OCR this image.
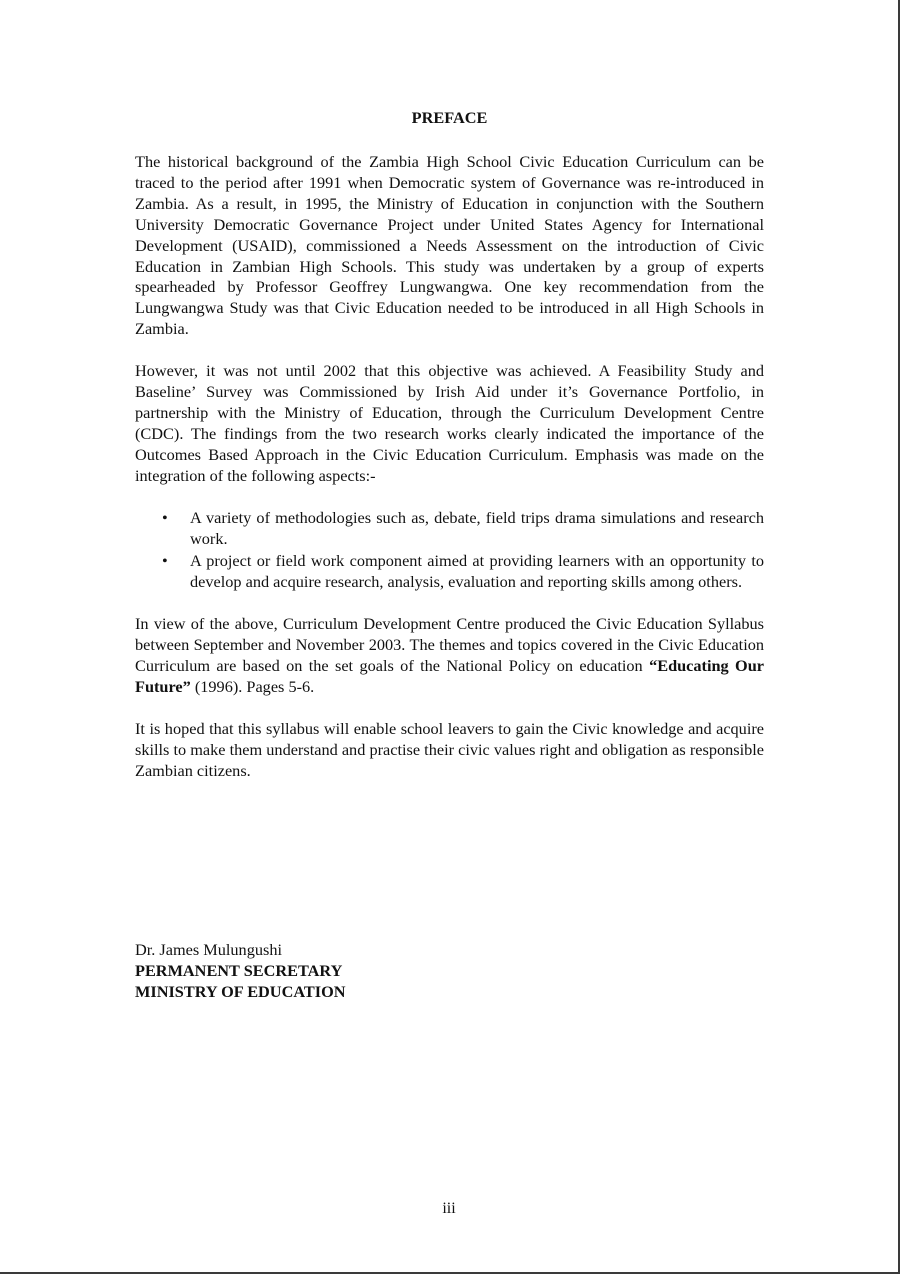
PREFACE

The historical background of the Zambia High School Civic Education Curriculum can be traced to the period after 1991 when Democratic system of Governance was re-introduced in Zambia. As a result, in 1995, the Ministry of Education in conjunction with the Southern University Democratic Governance Project under United States Agency for International Development (USAID), commissioned a Needs Assessment on the introduction of Civic Education in Zambian High Schools. This study was undertaken by a group of experts spearheaded by Professor Geoffrey Lungwangwa. One key recommendation from the Lungwangwa Study was that Civic Education needed to be introduced in all High Schools in Zambia.

However, it was not until 2002 that this objective was achieved. A Feasibility Study and Baseline’ Survey was Commissioned by Irish Aid under it’s Governance Portfolio, in partnership with the Ministry of Education, through the Curriculum Development Centre (CDC). The findings from the two research works clearly indicated the importance of the Outcomes Based Approach in the Civic Education Curriculum. Emphasis was made on the integration of the following aspects:-

• A variety of methodologies such as, debate, field trips drama simulations and research work.
• A project or field work component aimed at providing learners with an opportunity to develop and acquire research, analysis, evaluation and reporting skills among others.

In view of the above, Curriculum Development Centre produced the Civic Education Syllabus between September and November 2003. The themes and topics covered in the Civic Education Curriculum are based on the set goals of the National Policy on education “Educating Our Future” (1996). Pages 5-6.

It is hoped that this syllabus will enable school leavers to gain the Civic knowledge and acquire skills to make them understand and practise their civic values right and obligation as responsible Zambian citizens.

Dr. James Mulungushi
PERMANENT SECRETARY
MINISTRY OF EDUCATION
iii
